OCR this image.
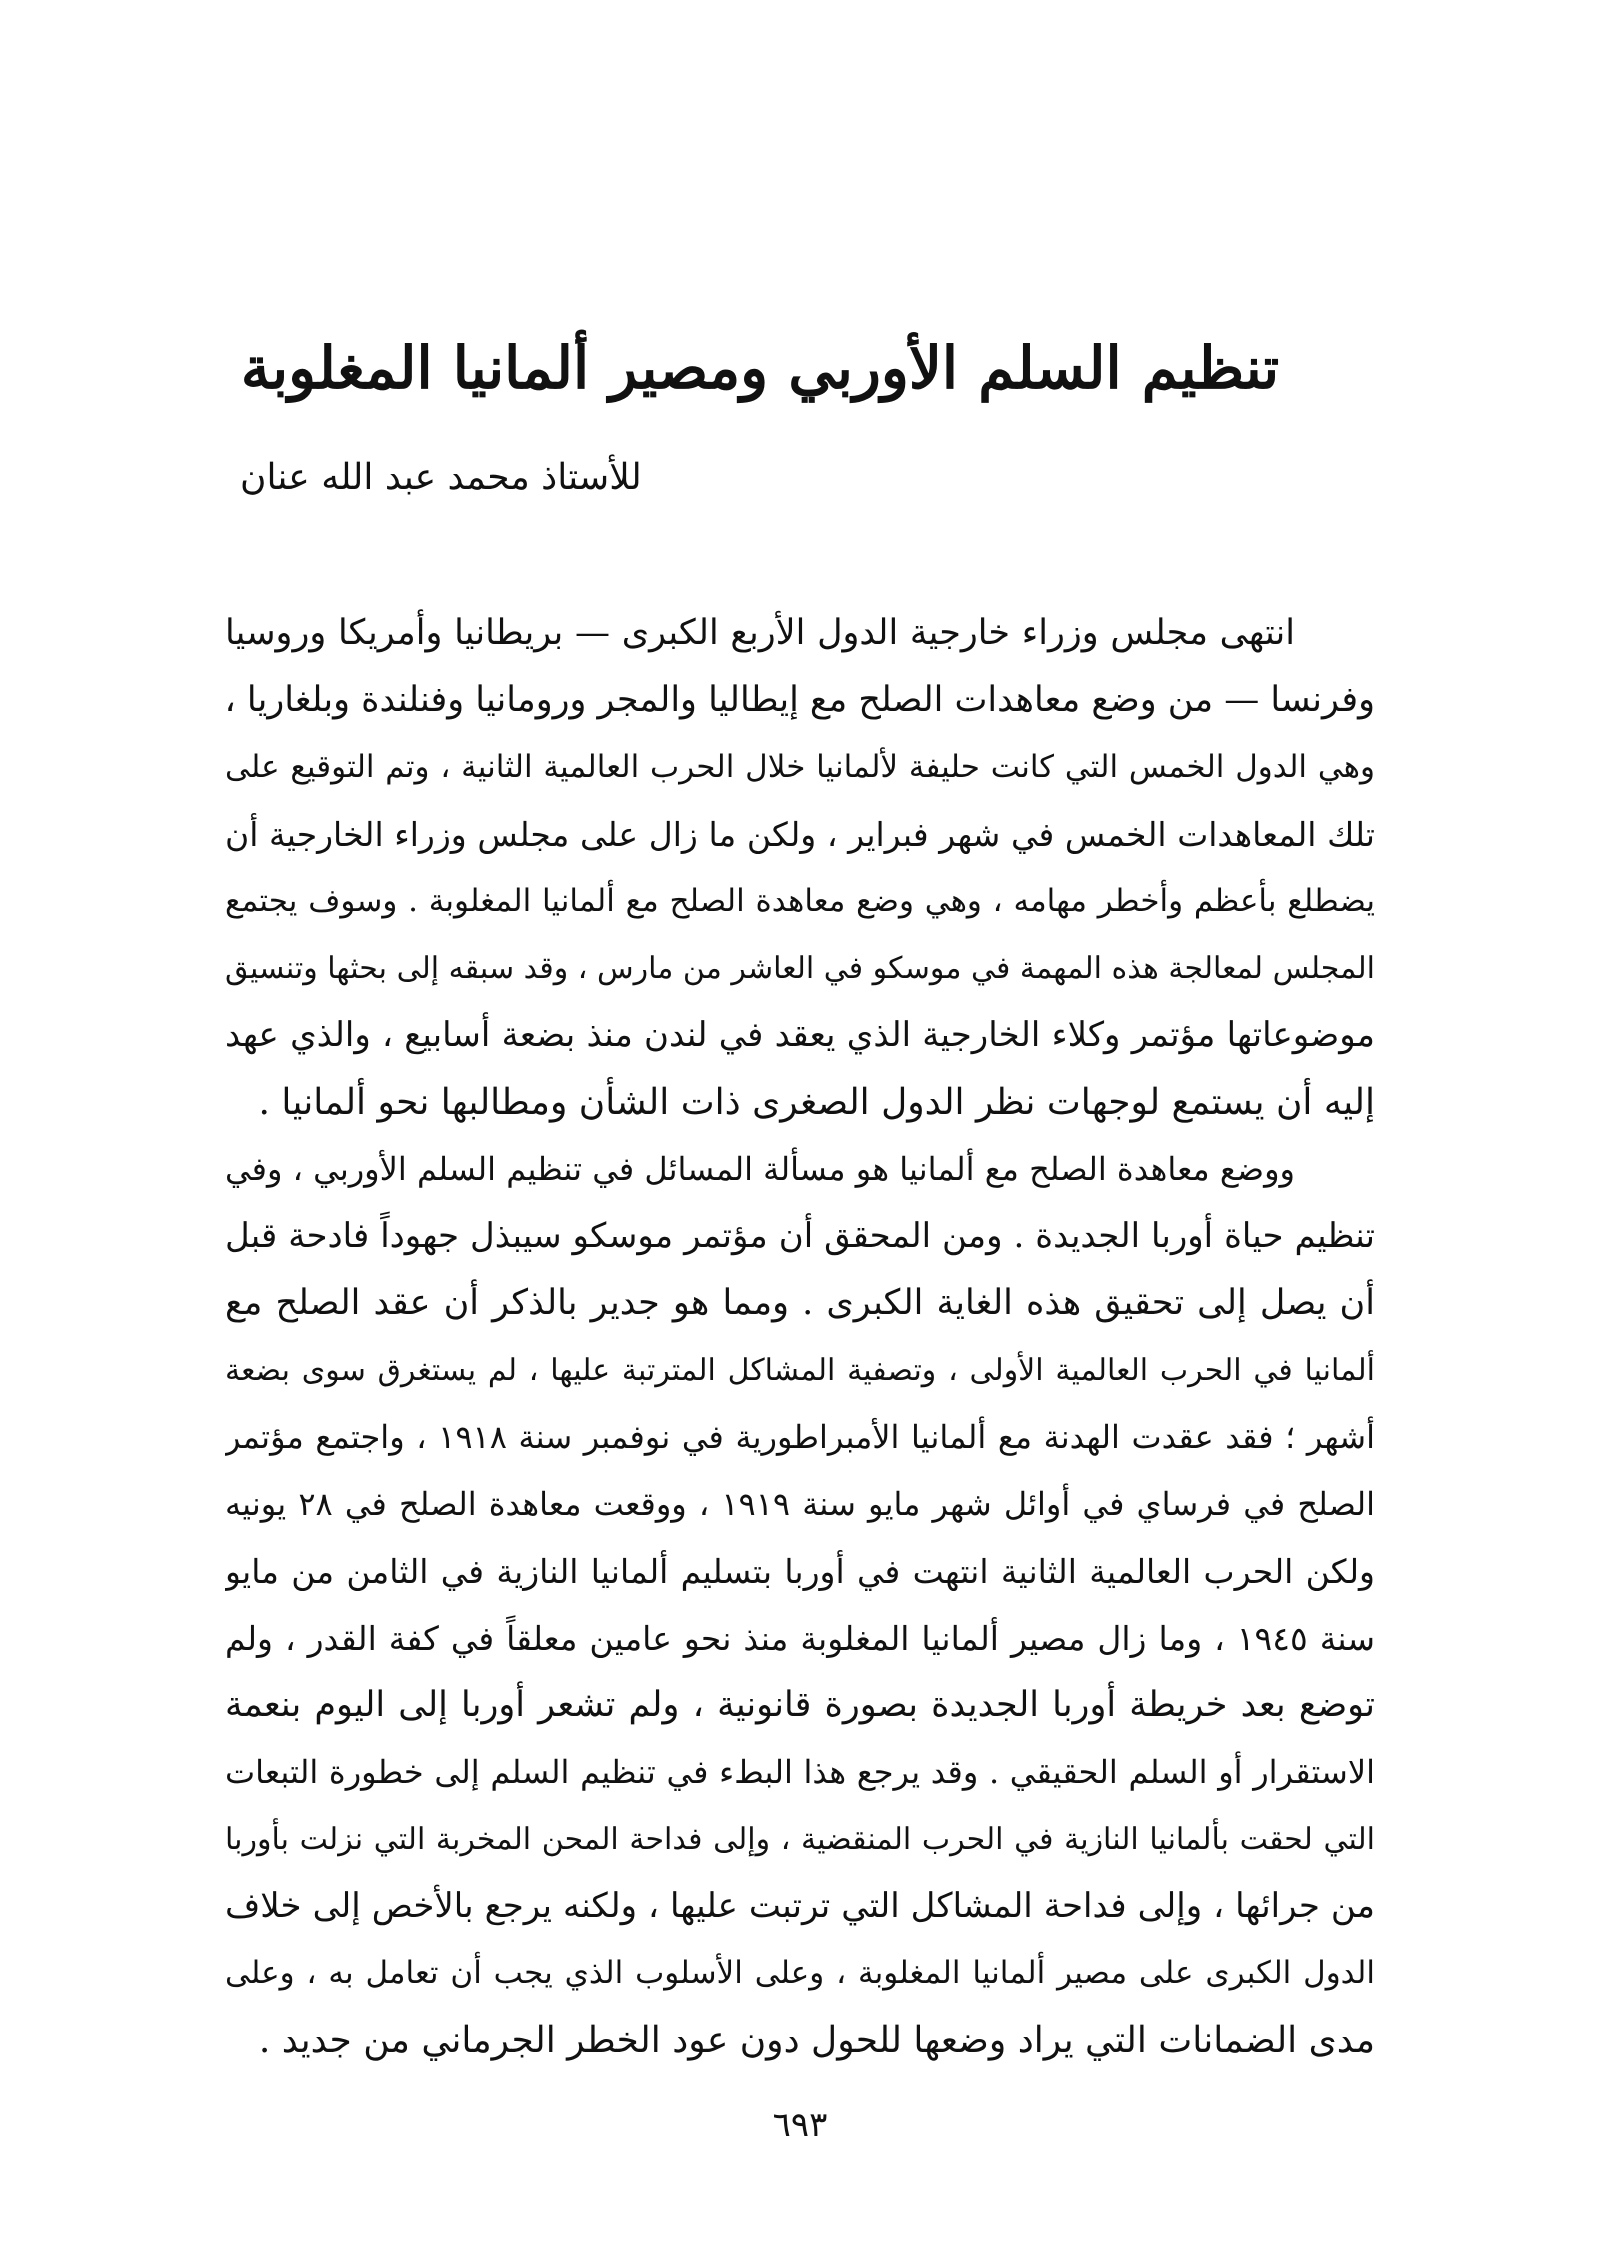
تنظيم السلم الأوربي ومصير ألمانيا المغلوبة
للأستاذ محمد عبد الله عنان
انتهى مجلس وزراء خارجية الدول الأربع الكبرى — بريطانيا وأمريكا وروسيا
وفرنسا — من وضع معاهدات الصلح مع إيطاليا والمجر ورومانيا وفنلندة وبلغاريا ،
وهي الدول الخمس التي كانت حليفة لألمانيا خلال الحرب العالمية الثانية ، وتم التوقيع على
تلك المعاهدات الخمس في شهر فبراير ، ولكن ما زال على مجلس وزراء الخارجية أن
يضطلع بأعظم وأخطر مهامه ، وهي وضع معاهدة الصلح مع ألمانيا المغلوبة . وسوف يجتمع
المجلس لمعالجة هذه المهمة في موسكو في العاشر من مارس ، وقد سبقه إلى بحثها وتنسيق
موضوعاتها مؤتمر وكلاء الخارجية الذي يعقد في لندن منذ بضعة أسابيع ، والذي عهد
إليه أن يستمع لوجهات نظر الدول الصغرى ذات الشأن ومطالبها نحو ألمانيا .
ووضع معاهدة الصلح مع ألمانيا هو مسألة المسائل في تنظيم السلم الأوربي ، وفي
تنظيم حياة أوربا الجديدة . ومن المحقق أن مؤتمر موسكو سيبذل جهوداً فادحة قبل
أن يصل إلى تحقيق هذه الغاية الكبرى . ومما هو جدير بالذكر أن عقد الصلح مع
ألمانيا في الحرب العالمية الأولى ، وتصفية المشاكل المترتبة عليها ، لم يستغرق سوى بضعة
أشهر ؛ فقد عقدت الهدنة مع ألمانيا الأمبراطورية في نوفمبر سنة ١٩١٨ ، واجتمع مؤتمر
الصلح في فرساي في أوائل شهر مايو سنة ١٩١٩ ، ووقعت معاهدة الصلح في ٢٨ يونيه
ولكن الحرب العالمية الثانية انتهت في أوربا بتسليم ألمانيا النازية في الثامن من مايو
سنة ١٩٤٥ ، وما زال مصير ألمانيا المغلوبة منذ نحو عامين معلقاً في كفة القدر ، ولم
توضع بعد خريطة أوربا الجديدة بصورة قانونية ، ولم تشعر أوربا إلى اليوم بنعمة
الاستقرار أو السلم الحقيقي . وقد يرجع هذا البطء في تنظيم السلم إلى خطورة التبعات
التي لحقت بألمانيا النازية في الحرب المنقضية ، وإلى فداحة المحن المخربة التي نزلت بأوربا
من جرائها ، وإلى فداحة المشاكل التي ترتبت عليها ، ولكنه يرجع بالأخص إلى خلاف
الدول الكبرى على مصير ألمانيا المغلوبة ، وعلى الأسلوب الذي يجب أن تعامل به ، وعلى
مدى الضمانات التي يراد وضعها للحول دون عود الخطر الجرماني من جديد .
٦٩٣
